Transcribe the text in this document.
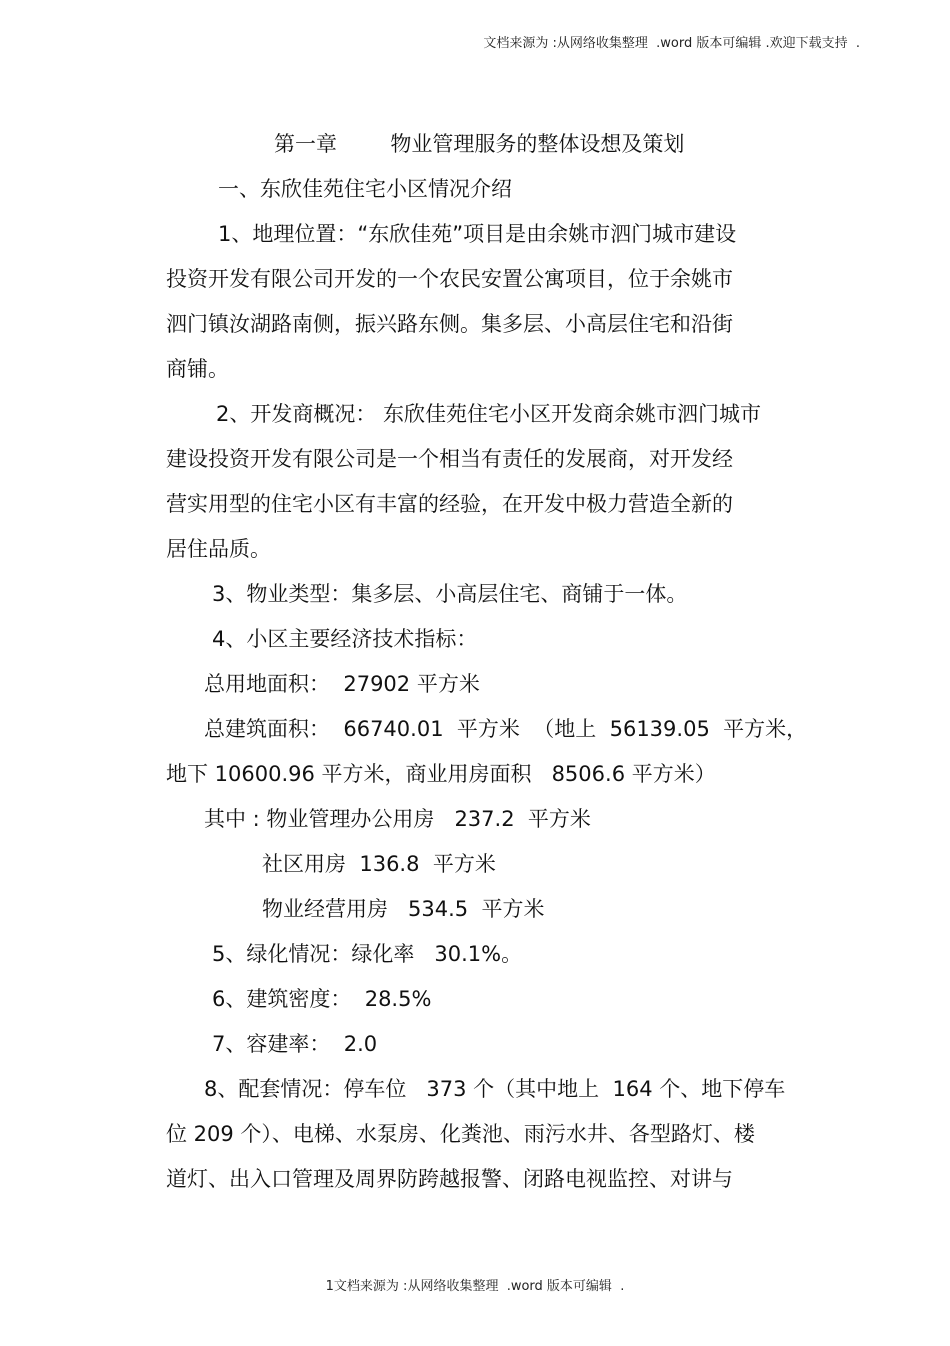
文档来源为 :从网络收集整理  .word 版本可编辑 .欢迎下载支持  .
第一章        物业管理服务的整体设想及策划
一、东欣佳苑住宅小区情况介绍
1、地理位置：“东欣佳苑”项目是由余姚市泗门城市建设
投资开发有限公司开发的一个农民安置公寓项目，位于余姚市
泗门镇汝湖路南侧，振兴路东侧。集多层、小高层住宅和沿街
商铺。
2、开发商概况： 东欣佳苑住宅小区开发商余姚市泗门城市
建设投资开发有限公司是一个相当有责任的发展商，对开发经
营实用型的住宅小区有丰富的经验，在开发中极力营造全新的
居住品质。
3、物业类型：集多层、小高层住宅、商铺于一体。
4、小区主要经济技术指标：
总用地面积：  27902 平方米
总建筑面积：  66740.01  平方米  （地上  56139.05  平方米，
地下 10600.96 平方米，商业用房面积   8506.6 平方米）
其中 : 物业管理办公用房   237.2  平方米
社区用房  136.8  平方米
物业经营用房   534.5  平方米
5、绿化情况：绿化率   30.1%。
6、建筑密度：  28.5%
7、容建率：  2.0
8、配套情况：停车位   373 个（其中地上  164 个、地下停车
位 209 个）、电梯、水泵房、化粪池、雨污水井、各型路灯、楼
道灯、出入口管理及周界防跨越报警、闭路电视监控、对讲与
1文档来源为 :从网络收集整理  .word 版本可编辑  .
